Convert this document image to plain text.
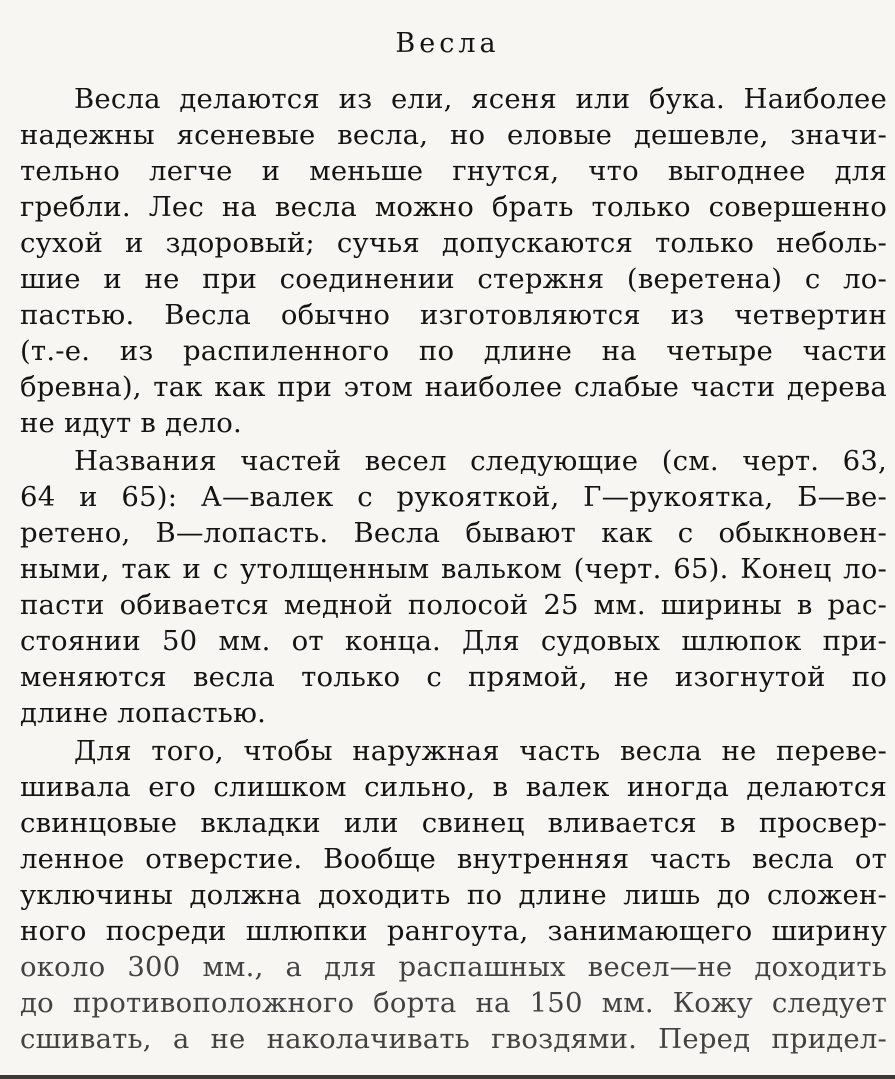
Весла
Весла делаются из ели, ясеня или бука. Наиболее
надежны ясеневые весла, но еловые дешевле, значи-
тельно легче и меньше гнутся, что выгоднее для
гребли. Лес на весла можно брать только совершенно
сухой и здоровый; сучья допускаются только неболь-
шие и не при соединении стержня (веретена) с ло-
пастью. Весла обычно изготовляются из четвертин
(т.-е. из распиленного по длине на четыре части
бревна), так как при этом наиболее слабые части дерева
не идут в дело.
Названия частей весел следующие (см. черт. 63,
64 и 65): А—валек с рукояткой, Г—рукоятка, Б—ве-
ретено, В—лопасть. Весла бывают как с обыкновен-
ными, так и с утолщенным вальком (черт. 65). Конец ло-
пасти обивается медной полосой 25 мм. ширины в рас-
стоянии 50 мм. от конца. Для судовых шлюпок при-
меняются весла только с прямой, не изогнутой по
длине лопастью.
Для того, чтобы наружная часть весла не переве-
шивала его слишком сильно, в валек иногда делаются
свинцовые вкладки или свинец вливается в просвер-
ленное отверстие. Вообще внутренняя часть весла от
уключины должна доходить по длине лишь до сложен-
ного посреди шлюпки рангоута, занимающего ширину
около 300 мм., а для распашных весел—не доходить
до противоположного борта на 150 мм. Кожу следует
сшивать, а не наколачивать гвоздями. Перед придел-
